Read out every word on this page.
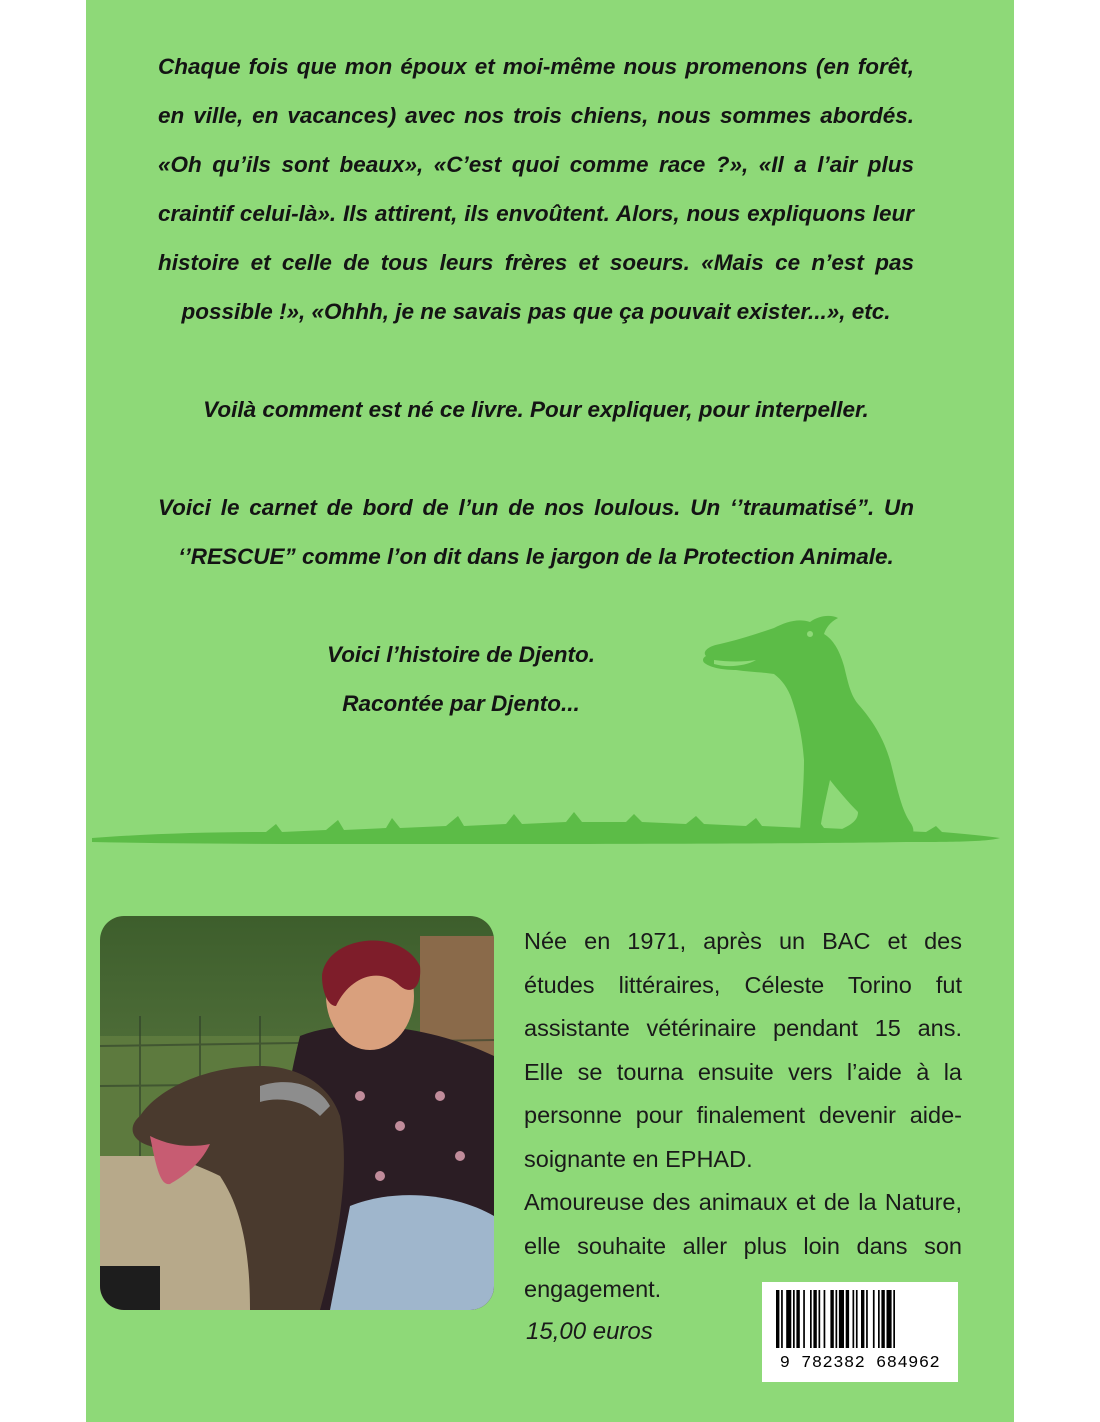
Chaque fois que mon époux et moi-même nous promenons (en forêt, en ville, en vacances) avec nos trois chiens, nous sommes abordés. «Oh qu’ils sont beaux», «C’est quoi comme race ?», «Il a l’air plus craintif celui-là». Ils attirent, ils envoûtent. Alors, nous expliquons leur histoire et celle de tous leurs frères et soeurs. «Mais ce n’est pas possible !», «Ohhh, je ne savais pas que ça pouvait exister...», etc.

Voilà comment est né ce livre. Pour expliquer, pour interpeller.

Voici le carnet de bord de l’un de nos loulous. Un ‘’traumatisé”. Un ‘’RESCUE” comme l’on dit dans le jargon de la Protection Animale.

Voici l’histoire de Djento.

Racontée par Djento...

Née en 1971, après un BAC et des études littéraires, Céleste Torino fut assistante vétérinaire pendant 15 ans. Elle se tourna ensuite vers l’aide à la personne pour finalement devenir aide-soignante en EPHAD.

Amoureuse des animaux et de la Nature, elle souhaite aller plus loin dans son engagement.

15,00 euros
9 782382 684962
